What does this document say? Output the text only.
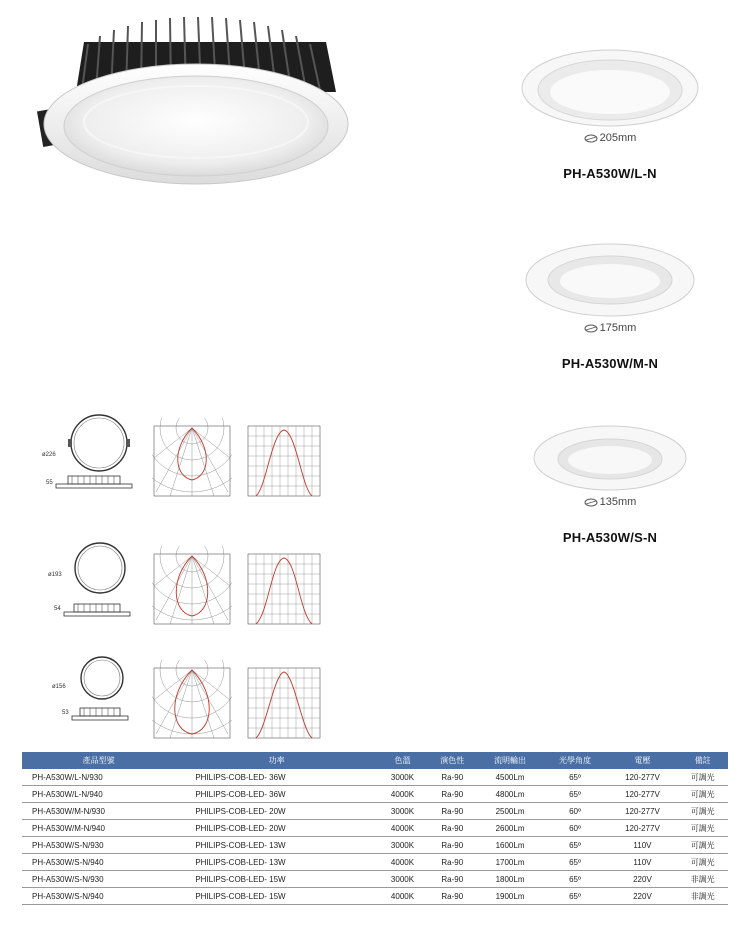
205mm
PH-A530W/L-N
175mm
PH-A530W/M-N
135mm
PH-A530W/S-N
ø226
55
ø193
54
ø156
53
產品型號	功率	色溫	演色性	流明輸出	光學角度	電壓	備註
PH-A530W/L-N/930	PHILIPS-COB-LED- 36W	3000K	Ra-90	4500Lm	65º	120-277V	可調光
PH-A530W/L-N/940	PHILIPS-COB-LED- 36W	4000K	Ra-90	4800Lm	65º	120-277V	可調光
PH-A530W/M-N/930	PHILIPS-COB-LED- 20W	3000K	Ra-90	2500Lm	60º	120-277V	可調光
PH-A530W/M-N/940	PHILIPS-COB-LED- 20W	4000K	Ra-90	2600Lm	60º	120-277V	可調光
PH-A530W/S-N/930	PHILIPS-COB-LED- 13W	3000K	Ra-90	1600Lm	65º	110V	可調光
PH-A530W/S-N/940	PHILIPS-COB-LED- 13W	4000K	Ra-90	1700Lm	65º	110V	可調光
PH-A530W/S-N/930	PHILIPS-COB-LED- 15W	3000K	Ra-90	1800Lm	65º	220V	非調光
PH-A530W/S-N/940	PHILIPS-COB-LED- 15W	4000K	Ra-90	1900Lm	65º	220V	非調光
